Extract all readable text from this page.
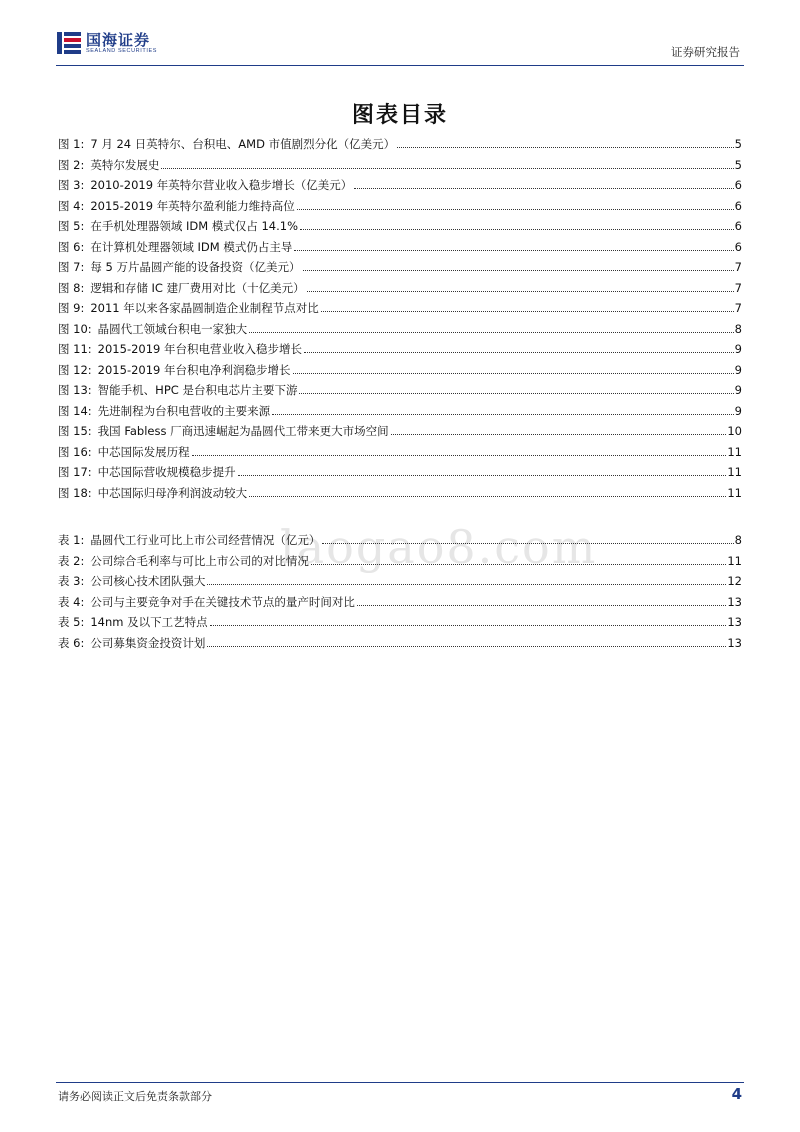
国海证券
SEALAND SECURITIES	证券研究报告
图表目录
laogao8.com
图 1: 7 月 24 日英特尔、台积电、AMD 市值剧烈分化（亿美元）	5
图 2: 英特尔发展史	5
图 3: 2010-2019 年英特尔营业收入稳步增长（亿美元）	6
图 4: 2015-2019 年英特尔盈利能力维持高位	6
图 5: 在手机处理器领域 IDM 模式仅占 14.1%	6
图 6: 在计算机处理器领域 IDM 模式仍占主导	6
图 7: 每 5 万片晶圆产能的设备投资（亿美元）	7
图 8: 逻辑和存储 IC 建厂费用对比（十亿美元）	7
图 9: 2011 年以来各家晶圆制造企业制程节点对比	7
图 10: 晶圆代工领域台积电一家独大	8
图 11: 2015-2019 年台积电营业收入稳步增长	9
图 12: 2015-2019 年台积电净利润稳步增长	9
图 13: 智能手机、HPC 是台积电芯片主要下游	9
图 14: 先进制程为台积电营收的主要来源	9
图 15: 我国 Fabless 厂商迅速崛起为晶圆代工带来更大市场空间	10
图 16: 中芯国际发展历程	11
图 17: 中芯国际营收规模稳步提升	11
图 18: 中芯国际归母净利润波动较大	11
表 1: 晶圆代工行业可比上市公司经营情况（亿元）	8
表 2: 公司综合毛利率与可比上市公司的对比情况	11
表 3: 公司核心技术团队强大	12
表 4: 公司与主要竞争对手在关键技术节点的量产时间对比	13
表 5: 14nm 及以下工艺特点	13
表 6: 公司募集资金投资计划	13
请务必阅读正文后免责条款部分	4
